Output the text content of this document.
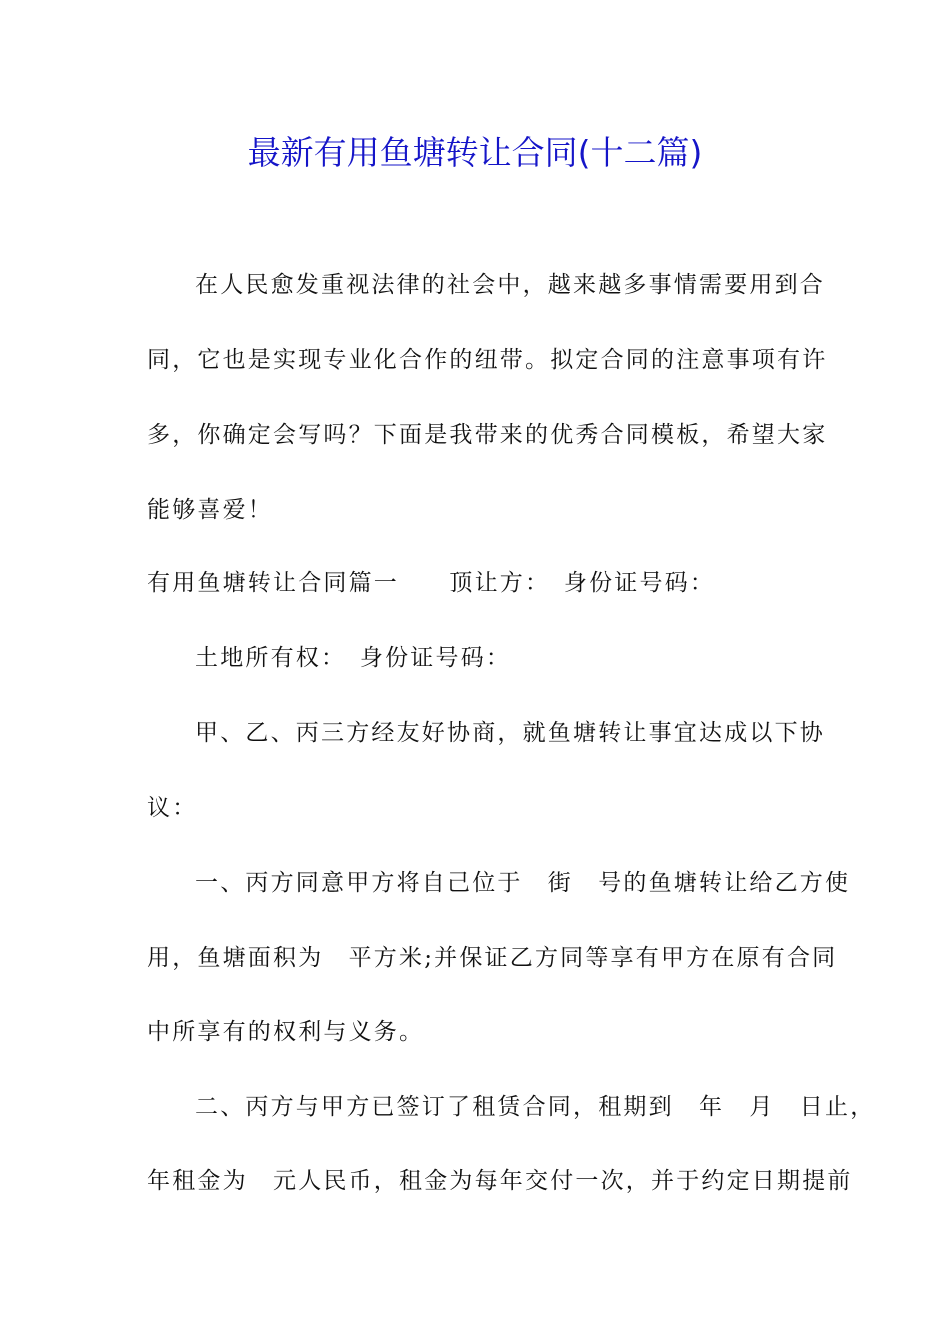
最新有用鱼塘转让合同(十二篇)
在人民愈发重视法律的社会中，越来越多事情需要用到合
同，它也是实现专业化合作的纽带。拟定合同的注意事项有许
多，你确定会写吗？下面是我带来的优秀合同模板，希望大家
能够喜爱！
有用鱼塘转让合同篇一　　顶让方：　身份证号码：
土地所有权：　身份证号码：
甲、乙、丙三方经友好协商，就鱼塘转让事宜达成以下协
议：
一、丙方同意甲方将自己位于　街　号的鱼塘转让给乙方使
用，鱼塘面积为　平方米;并保证乙方同等享有甲方在原有合同
中所享有的权利与义务。
二、丙方与甲方已签订了租赁合同，租期到　年　月　日止，
年租金为　元人民币，租金为每年交付一次，并于约定日期提前
